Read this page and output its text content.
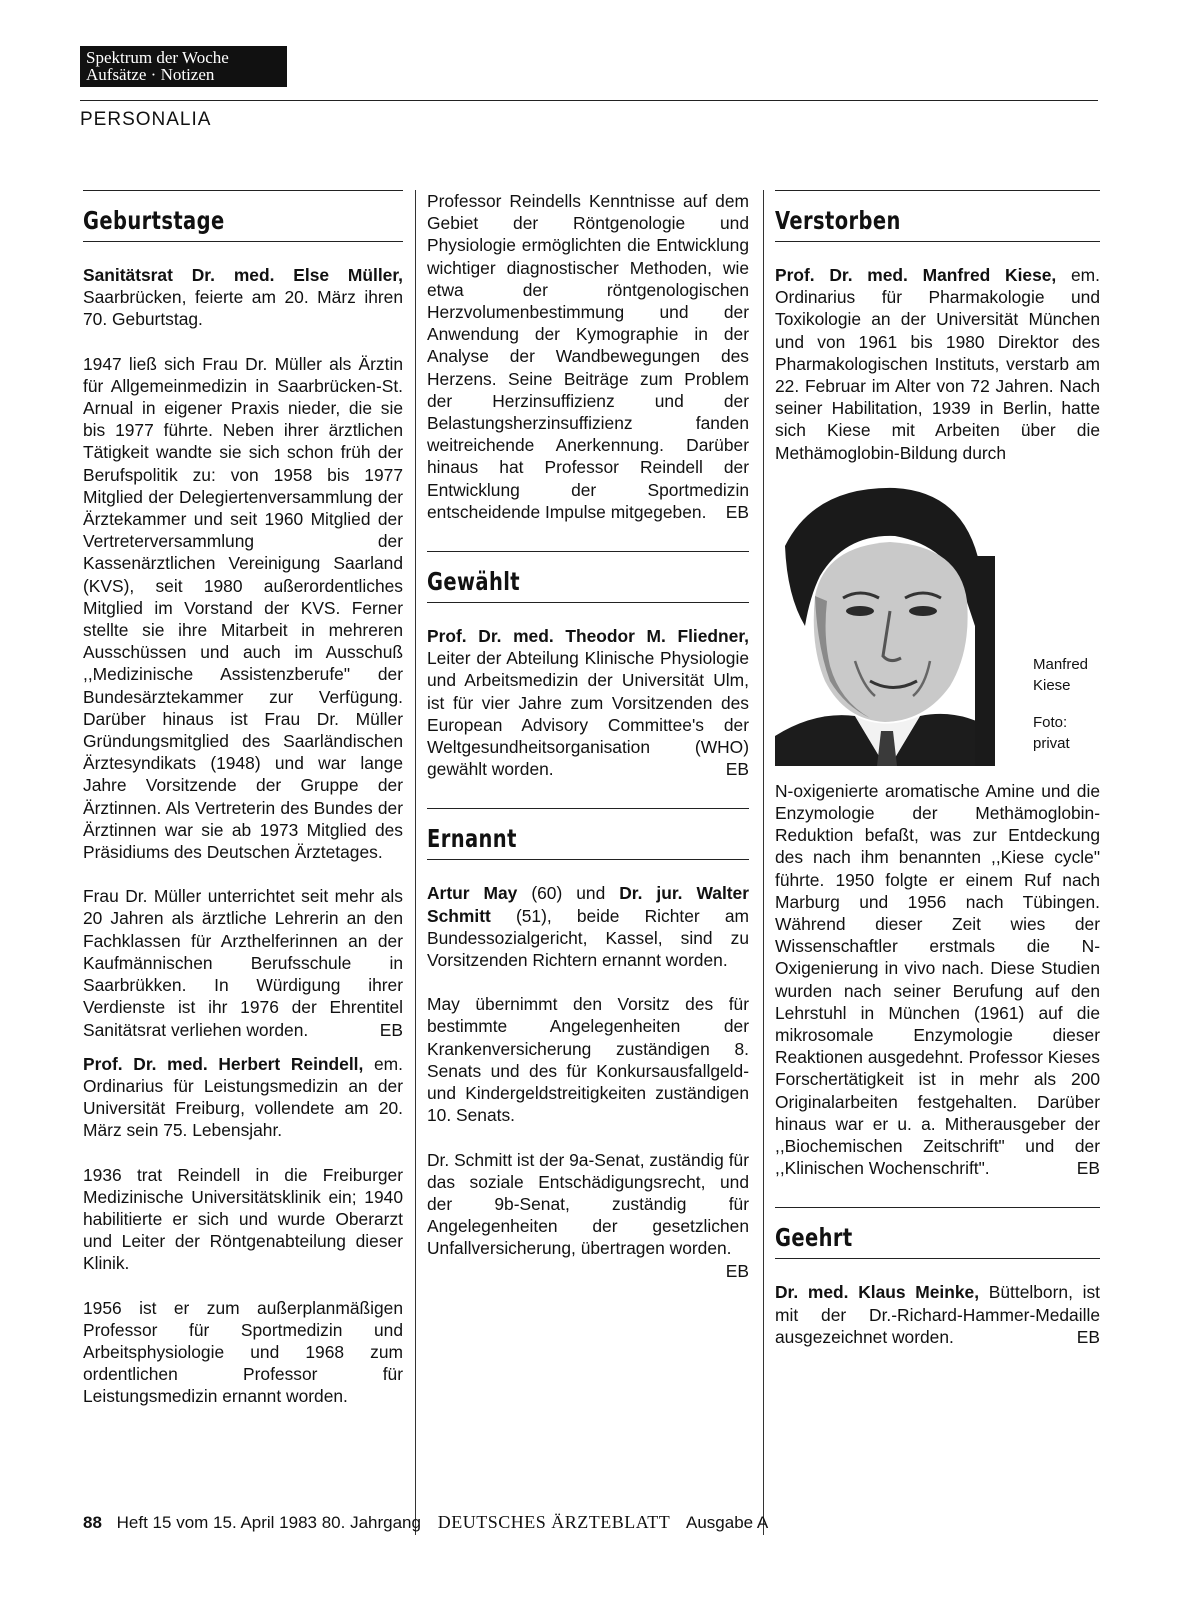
Spektrum der Woche
Aufsätze · Notizen
PERSONALIA
Geburtstage

Sanitätsrat Dr. med. Else Müller, Saarbrücken, feierte am 20. März ihren 70. Geburtstag.

1947 ließ sich Frau Dr. Müller als Ärztin für Allgemeinmedizin in Saarbrücken-St. Arnual in eigener Praxis nieder, die sie bis 1977 führte. Neben ihrer ärztlichen Tätigkeit wandte sie sich schon früh der Berufspolitik zu: von 1958 bis 1977 Mitglied der Delegiertenversammlung der Ärztekammer und seit 1960 Mitglied der Vertreterversammlung der Kassenärztlichen Vereinigung Saarland (KVS), seit 1980 außerordentliches Mitglied im Vorstand der KVS. Ferner stellte sie ihre Mitarbeit in mehreren Ausschüssen und auch im Ausschuß ,,Medizinische Assistenzberufe" der Bundesärztekammer zur Verfügung. Darüber hinaus ist Frau Dr. Müller Gründungsmitglied des Saarländischen Ärztesyndikats (1948) und war lange Jahre Vorsitzende der Gruppe der Ärztinnen. Als Vertreterin des Bundes der Ärztinnen war sie ab 1973 Mitglied des Präsidiums des Deutschen Ärztetages.

Frau Dr. Müller unterrichtet seit mehr als 20 Jahren als ärztliche Lehrerin an den Fachklassen für Arzthelferinnen an der Kaufmännischen Berufsschule in Saarbrükken. In Würdigung ihrer Verdienste ist ihr 1976 der Ehrentitel Sanitätsrat verliehen worden.	EB

Prof. Dr. med. Herbert Reindell, em. Ordinarius für Leistungsmedizin an der Universität Freiburg, vollendete am 20. März sein 75. Lebensjahr.

1936 trat Reindell in die Freiburger Medizinische Universitätsklinik ein; 1940 habilitierte er sich und wurde Oberarzt und Leiter der Röntgenabteilung dieser Klinik.

1956 ist er zum außerplanmäßigen Professor für Sportmedizin und Arbeitsphysiologie und 1968 zum ordentlichen Professor für Leistungsmedizin ernannt worden.

Professor Reindells Kenntnisse auf dem Gebiet der Röntgenologie und Physiologie ermöglichten die Entwicklung wichtiger diagnostischer Methoden, wie etwa der röntgenologischen Herzvolumenbestimmung und der Anwendung der Kymographie in der Analyse der Wandbewegungen des Herzens. Seine Beiträge zum Problem der Herzinsuffizienz und der Belastungsherzinsuffizienz fanden weitreichende Anerkennung. Darüber hinaus hat Professor Reindell der Entwicklung der Sportmedizin entscheidende Impulse mitgegeben. EB

Gewählt

Prof. Dr. med. Theodor M. Fliedner, Leiter der Abteilung Klinische Physiologie und Arbeitsmedizin der Universität Ulm, ist für vier Jahre zum Vorsitzenden des European Advisory Committee's der Weltgesundheitsorganisation (WHO) gewählt worden.	EB

Ernannt

Artur May (60) und Dr. jur. Walter Schmitt (51), beide Richter am Bundessozialgericht, Kassel, sind zu Vorsitzenden Richtern ernannt worden.

May übernimmt den Vorsitz des für bestimmte Angelegenheiten der Krankenversicherung zuständigen 8. Senats und des für Konkursausfallgeld- und Kindergeldstreitigkeiten zuständigen 10. Senats.

Dr. Schmitt ist der 9a-Senat, zuständig für das soziale Entschädigungsrecht, und der 9b-Senat, zuständig für Angelegenheiten der gesetzlichen Unfallversicherung, übertragen worden.
EB

Verstorben

Prof. Dr. med. Manfred Kiese, em. Ordinarius für Pharmakologie und Toxikologie an der Universität München und von 1961 bis 1980 Direktor des Pharmakologischen Instituts, verstarb am 22. Februar im Alter von 72 Jahren. Nach seiner Habilitation, 1939 in Berlin, hatte sich Kiese mit Arbeiten über die Methämoglobin-Bildung durch

Manfred Kiese
Foto: privat

N-oxigenierte aromatische Amine und die Enzymologie der Methämoglobin-Reduktion befaßt, was zur Entdeckung des nach ihm benannten ,,Kiese cycle" führte. 1950 folgte er einem Ruf nach Marburg und 1956 nach Tübingen. Während dieser Zeit wies der Wissenschaftler erstmals die N-Oxigenierung in vivo nach. Diese Studien wurden nach seiner Berufung auf den Lehrstuhl in München (1961) auf die mikrosomale Enzymologie dieser Reaktionen ausgedehnt. Professor Kieses Forschertätigkeit ist in mehr als 200 Originalarbeiten festgehalten. Darüber hinaus war er u. a. Mitherausgeber der ,,Biochemischen Zeitschrift" und der ,,Klinischen Wochenschrift".	EB

Geehrt

Dr. med. Klaus Meinke, Büttelborn, ist mit der Dr.-Richard-Hammer-Medaille ausgezeichnet worden.	EB

88 Heft 15 vom 15. April 1983 80. Jahrgang DEUTSCHES ÄRZTEBLATT Ausgabe A
